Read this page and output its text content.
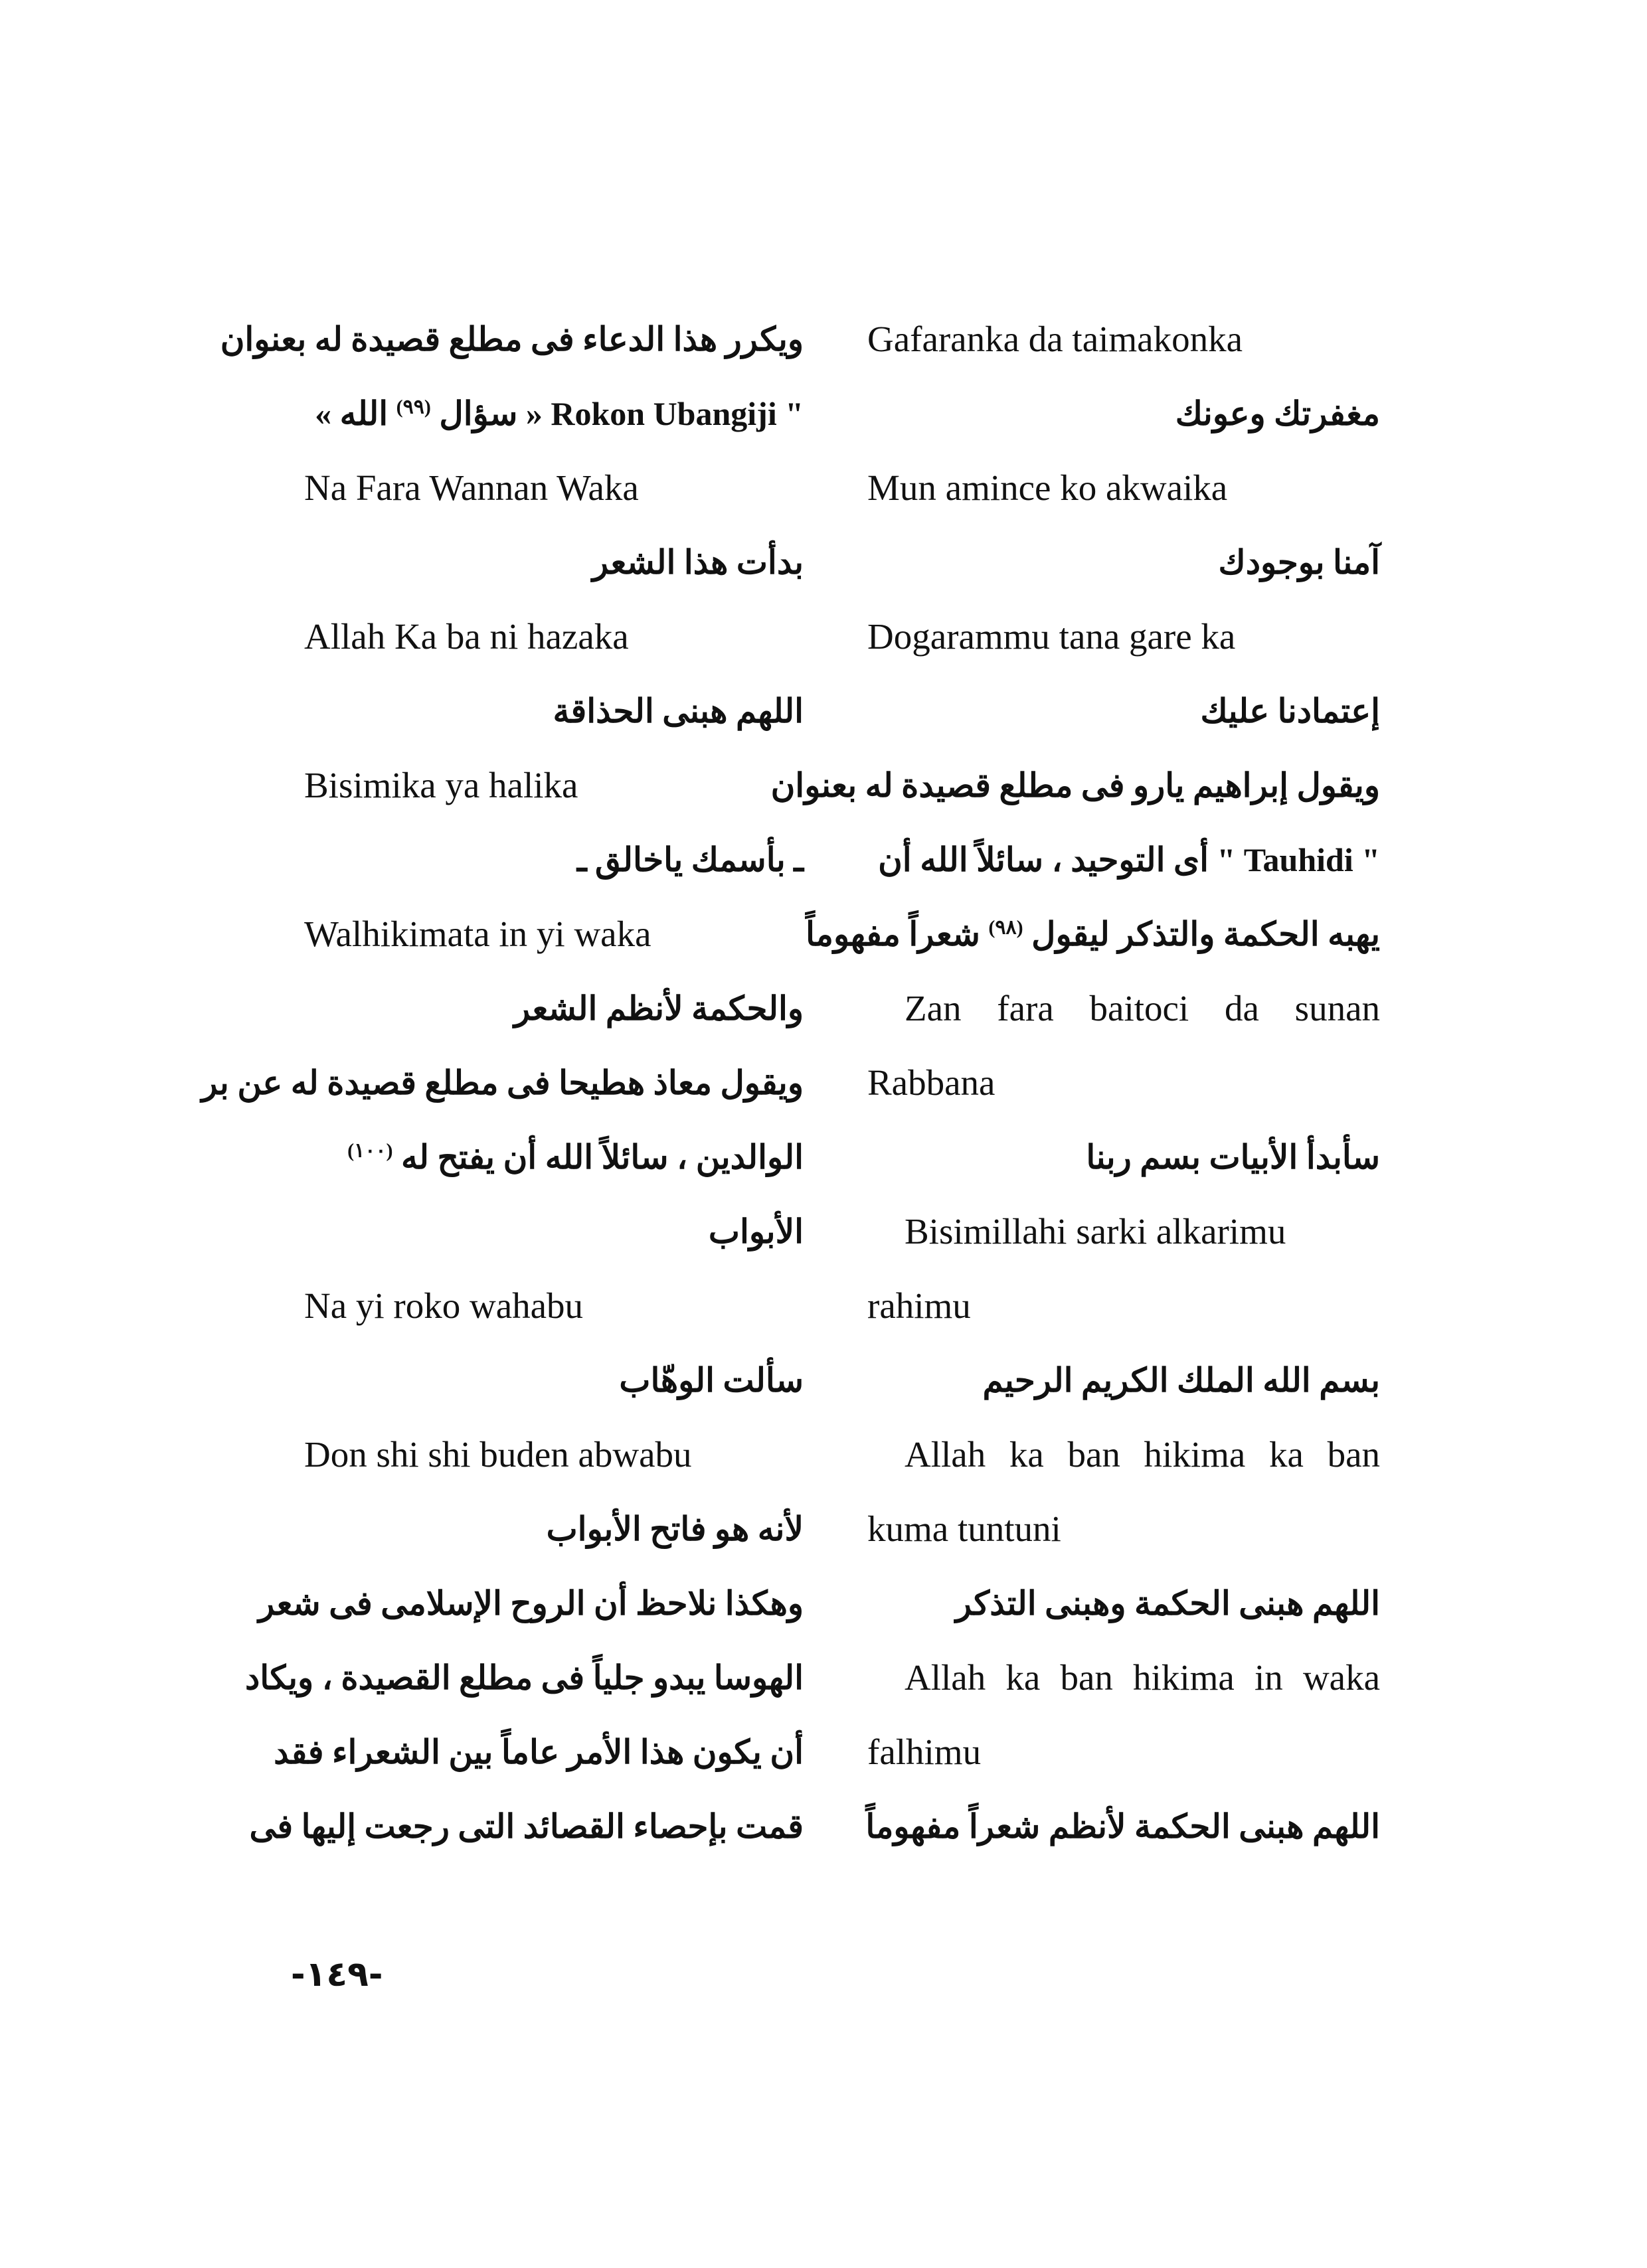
Gafaranka da taimakonka
مغفرتك وعونك
Mun amince ko akwaika
آمنا بوجودك
Dogarammu tana gare ka
إعتمادنا عليك
ويقول إبراهيم يارو فى مطلع قصيدة له بعنوان
" Tauhidi " أى التوحيد ، سائلاً الله أن
يهبه الحكمة والتذكر ليقول $^{(٩٨)}$ شعراً مفهوماً
Zan fara baitoci da sunan
Rabbana
سأبدأ الأبيات بسم ربنا
Bisimillahi sarki alkarimu
rahimu
بسم الله الملك الكريم الرحيم
Allah ka ban hikima ka ban
kuma tuntuni
اللهم هبنى الحكمة وهبنى التذكر
Allah ka ban hikima in waka
falhimu
اللهم هبنى الحكمة لأنظم شعراً مفهوماً
ويكرر هذا الدعاء فى مطلع قصيدة له بعنوان
" Rokon Ubangiji « سؤال $^{(٩٩)}$ الله »
Na Fara Wannan Waka
بدأت هذا الشعر
Allah Ka ba ni hazaka
اللهم هبنى الحذاقة
Bisimika ya halika
ـ بأسمك ياخالق ـ
Walhikimata in yi waka
والحكمة لأنظم الشعر
ويقول معاذ هطيحا فى مطلع قصيدة له عن بر
الوالدين ، سائلاً الله أن يفتح له $^{(١٠٠)}$
الأبواب
Na yi roko wahabu
سألت الوهّاب
Don shi shi buden abwabu
لأنه هو فاتح الأبواب
وهكذا نلاحظ أن الروح الإسلامى فى شعر
الهوسا يبدو جلياً فى مطلع القصيدة ، ويكاد
أن يكون هذا الأمر عاماً بين الشعراء فقد
قمت بإحصاء القصائد التى رجعت إليها فى
-١٤٩-
